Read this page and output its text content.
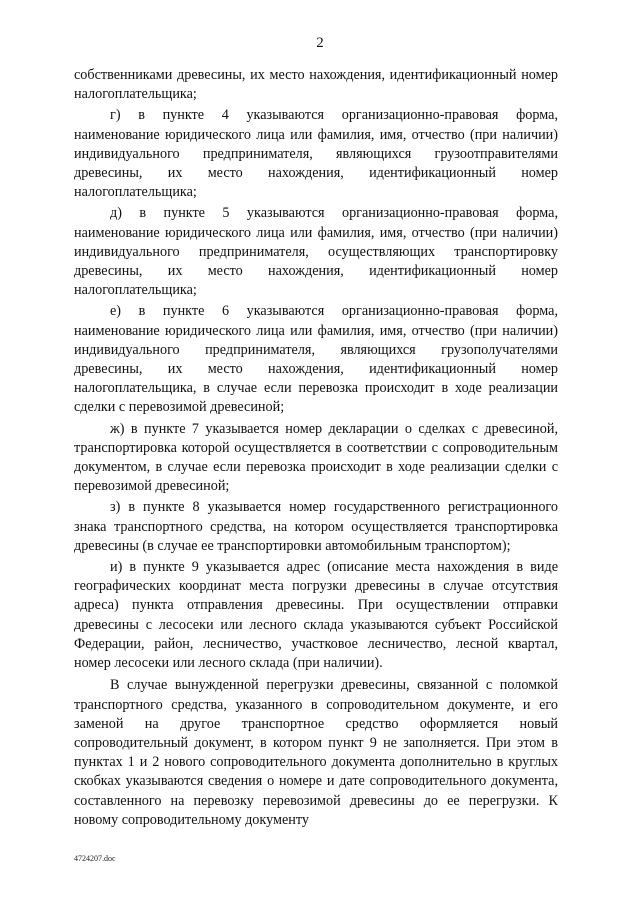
2

собственниками древесины, их место нахождения, идентификационный номер налогоплательщика;

г) в пункте 4 указываются организационно-правовая форма, наименование юридического лица или фамилия, имя, отчество (при наличии) индивидуального предпринимателя, являющихся грузоотправителями древесины, их место нахождения, идентификационный номер налогоплательщика;

д) в пункте 5 указываются организационно-правовая форма, наименование юридического лица или фамилия, имя, отчество (при наличии) индивидуального предпринимателя, осуществляющих транспортировку древесины, их место нахождения, идентификационный номер налогоплательщика;

е) в пункте 6 указываются организационно-правовая форма, наименование юридического лица или фамилия, имя, отчество (при наличии) индивидуального предпринимателя, являющихся грузополучателями древесины, их место нахождения, идентификационный номер налогоплательщика, в случае если перевозка происходит в ходе реализации сделки с перевозимой древесиной;

ж) в пункте 7 указывается номер декларации о сделках с древесиной, транспортировка которой осуществляется в соответствии с сопроводительным документом, в случае если перевозка происходит в ходе реализации сделки с перевозимой древесиной;

з) в пункте 8 указывается номер государственного регистрационного знака транспортного средства, на котором осуществляется транспортировка древесины (в случае ее транспортировки автомобильным транспортом);

и) в пункте 9 указывается адрес (описание места нахождения в виде географических координат места погрузки древесины в случае отсутствия адреса) пункта отправления древесины. При осуществлении отправки древесины с лесосеки или лесного склада указываются субъект Российской Федерации, район, лесничество, участковое лесничество, лесной квартал, номер лесосеки или лесного склада (при наличии).

В случае вынужденной перегрузки древесины, связанной с поломкой транспортного средства, указанного в сопроводительном документе, и его заменой на другое транспортное средство оформляется новый сопроводительный документ, в котором пункт 9 не заполняется. При этом в пунктах 1 и 2 нового сопроводительного документа дополнительно в круглых скобках указываются сведения о номере и дате сопроводительного документа, составленного на перевозку перевозимой древесины до ее перегрузки. К новому сопроводительному документу

4724207.doc
